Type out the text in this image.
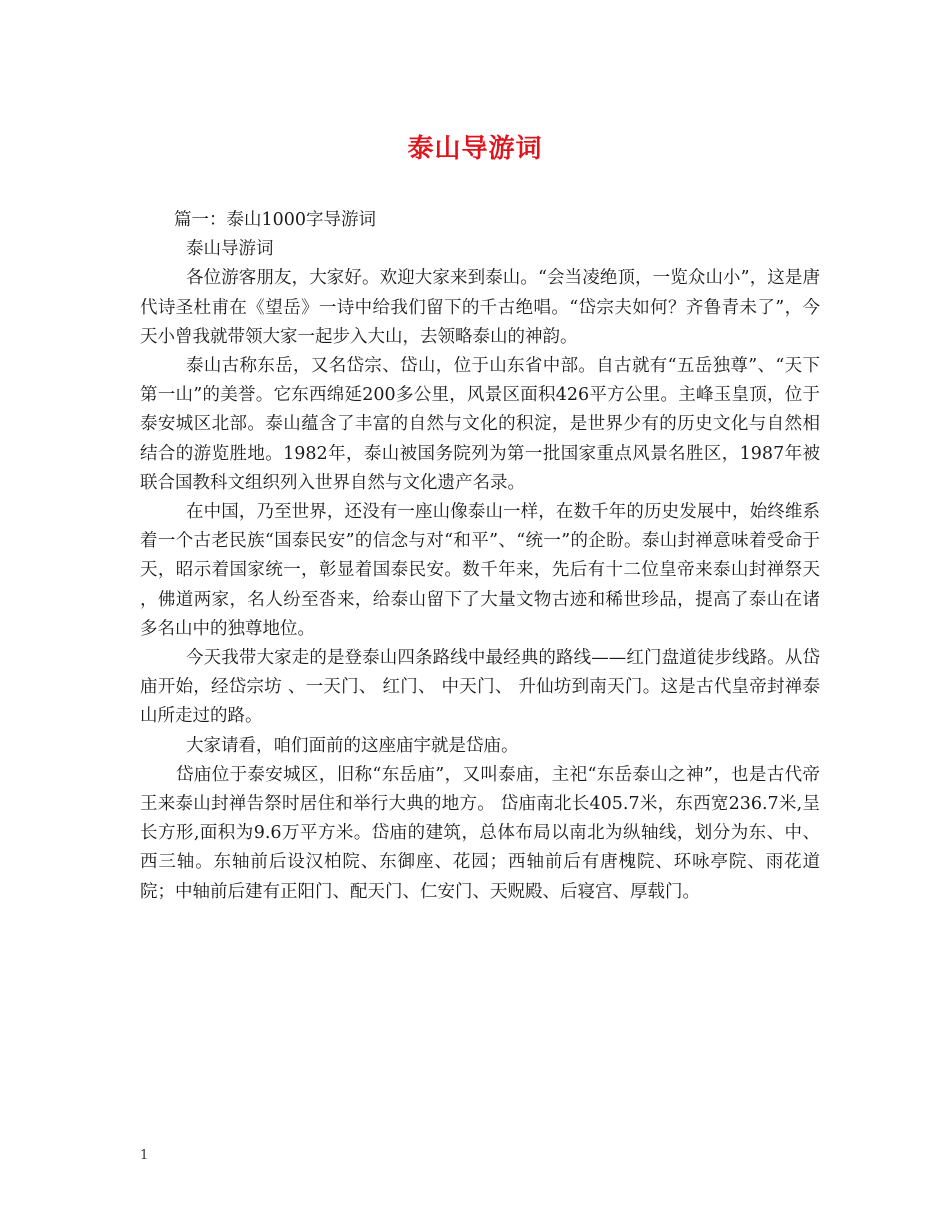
泰山导游词

篇一：泰山1000字导游词

泰山导游词

各位游客朋友，大家好。欢迎大家来到泰山。“会当凌绝顶，一览众山小”，这是唐代诗圣杜甫在《望岳》一诗中给我们留下的千古绝唱。“岱宗夫如何？齐鲁青未了”，今天小曾我就带领大家一起步入大山，去领略泰山的神韵。

泰山古称东岳，又名岱宗、岱山，位于山东省中部。自古就有“五岳独尊”、“天下第一山”的美誉。它东西绵延200多公里，风景区面积426平方公里。主峰玉皇顶，位于泰安城区北部。泰山蕴含了丰富的自然与文化的积淀，是世界少有的历史文化与自然相结合的游览胜地。1982年，泰山被国务院列为第一批国家重点风景名胜区，1987年被联合国教科文组织列入世界自然与文化遗产名录。

在中国，乃至世界，还没有一座山像泰山一样，在数千年的历史发展中，始终维系着一个古老民族“国泰民安”的信念与对“和平”、“统一”的企盼。泰山封禅意味着受命于天，昭示着国家统一，彰显着国泰民安。数千年来，先后有十二位皇帝来泰山封禅祭天 ，佛道两家，名人纷至沓来，给泰山留下了大量文物古迹和稀世珍品，提高了泰山在诸多名山中的独尊地位。

今天我带大家走的是登泰山四条路线中最经典的路线——红门盘道徒步线路。从岱庙开始，经岱宗坊 、一天门、 红门、 中天门、 升仙坊到南天门。这是古代皇帝封禅泰山所走过的路。

大家请看，咱们面前的这座庙宇就是岱庙。

岱庙位于泰安城区，旧称“东岳庙”，又叫泰庙，主祀“东岳泰山之神”，也是古代帝王来泰山封禅告祭时居住和举行大典的地方。 岱庙南北长405.7米，东西宽236.7米,呈长方形,面积为9.6万平方米。岱庙的建筑，总体布局以南北为纵轴线，划分为东、中、西三轴。东轴前后设汉柏院、东御座、花园；西轴前后有唐槐院、环咏亭院、雨花道院；中轴前后建有正阳门、配天门、仁安门、天贶殿、后寝宫、厚载门。

1
